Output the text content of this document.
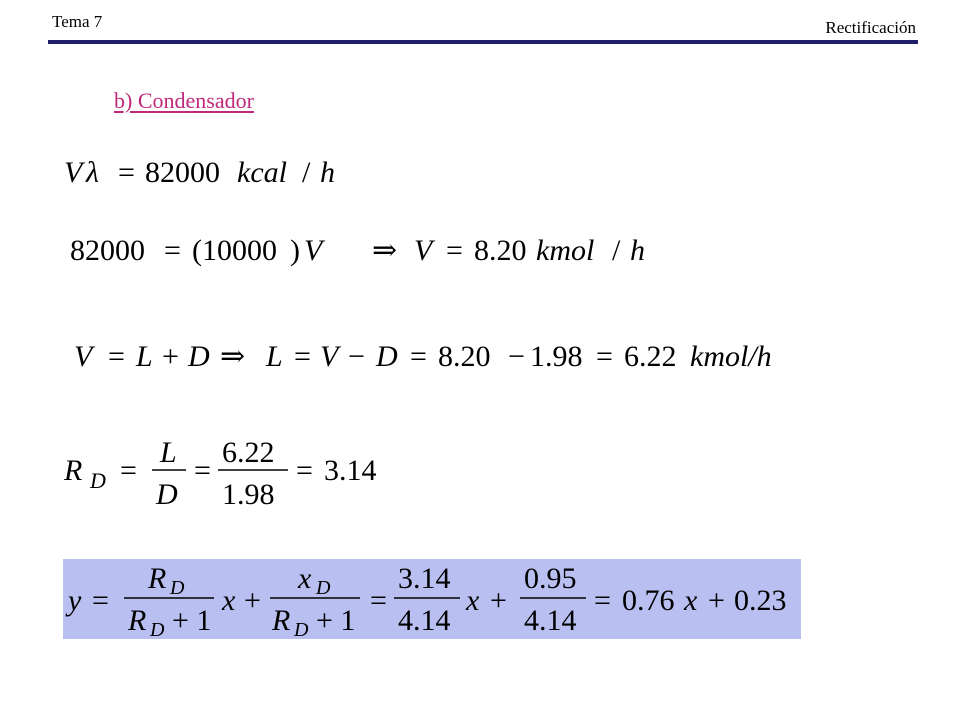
Tema 7	Rectificación
b) Condensador
V λ = 82000 kcal / h
82000 = (10000 ) V ⇒ V = 8.20 kmol / h
V = L + D ⇒ L = V − D = 8.20 − 1.98 = 6.22 kmol/h
R D =
L
D
=
6.22
1.98
= 3.14
y =
R D
R D + 1
x +
x D
R D + 1
=
3.14
4.14
x +
0.95
4.14
= 0.76 x + 0.23
